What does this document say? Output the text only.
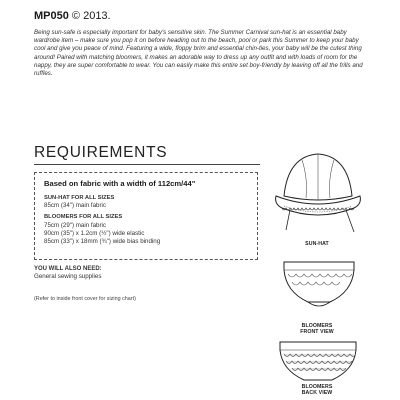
MP050 © 2013.
Being sun-safe is especially important for baby's sensitive skin. The Summer Carnival sun-hat is an essential baby wardrobe item – make sure you pop it on before heading out to the beach, pool or park this Summer to keep your baby cool and give you peace of mind. Featuring a wide, floppy brim and essential chin-ties, your baby will be the cutest thing around! Paired with matching bloomers, it makes an adorable way to dress up any outfit and with loads of room for the nappy, they are super comfortable to wear. You can easily make this entire set boy-friendly by leaving off all the frills and ruffles.
REQUIREMENTS
Based on fabric with a width of 112cm/44"
SUN-HAT FOR ALL SIZES
85cm (34") main fabric
BLOOMERS FOR ALL SIZES
75cm (29") main fabric
90cm (35") x 1.2cm (½") wide elastic
85cm (33") x 18mm (¾") wide bias binding
YOU WILL ALSO NEED:
General sewing supplies
(Refer to inside front cover for sizing chart)
SUN-HAT
BLOOMERS
FRONT VIEW
BLOOMERS
BACK VIEW
